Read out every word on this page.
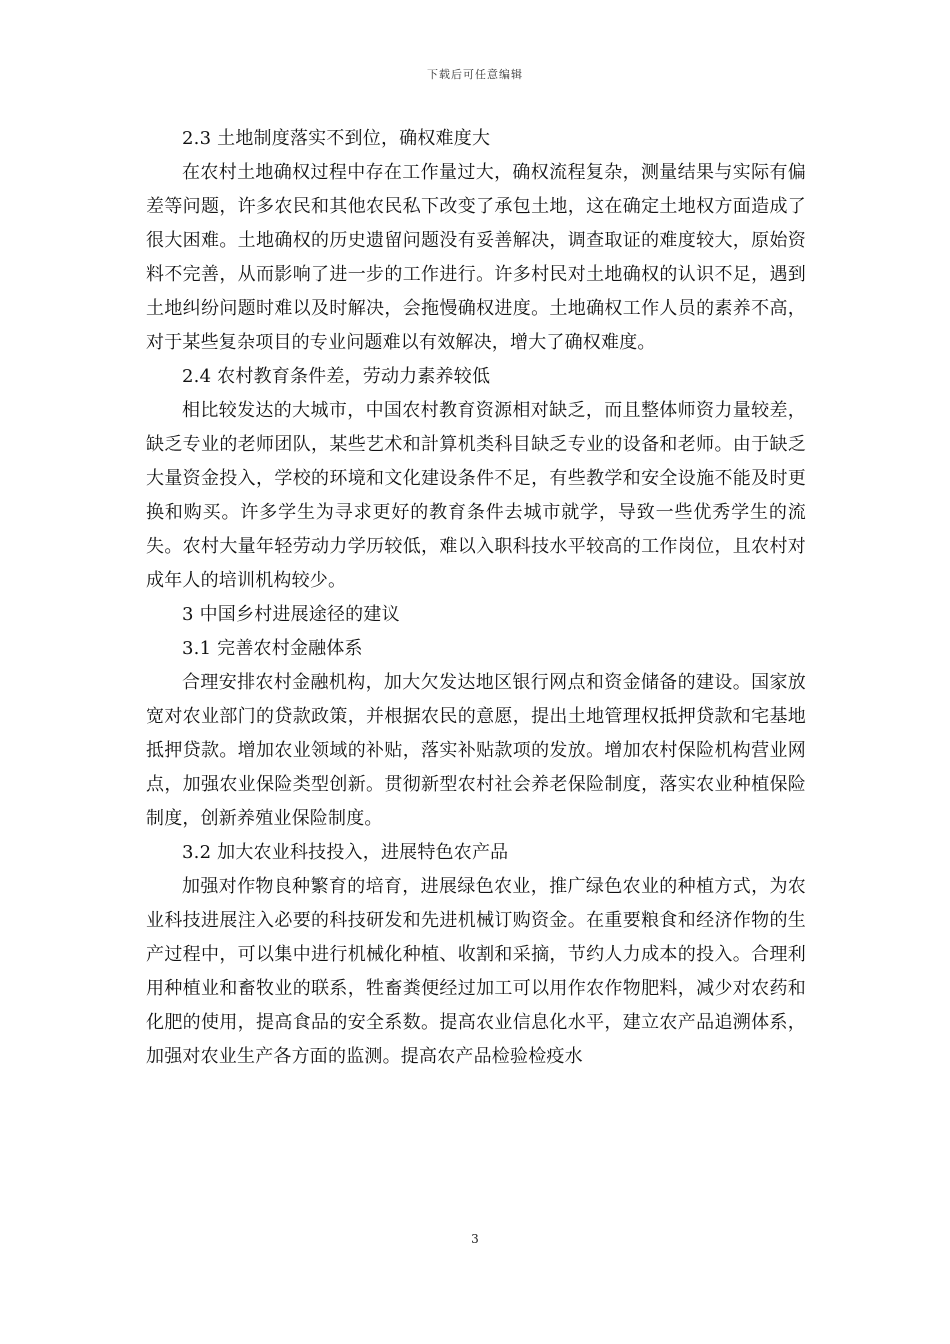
下载后可任意编辑

2.3 土地制度落实不到位，确权难度大

在农村土地确权过程中存在工作量过大，确权流程复杂，测量结果与实际有偏差等问题，许多农民和其他农民私下改变了承包土地，这在确定土地权方面造成了很大困难。土地确权的历史遗留问题没有妥善解决，调查取证的难度较大，原始资料不完善，从而影响了进一步的工作进行。许多村民对土地确权的认识不足，遇到土地纠纷问题时难以及时解决，会拖慢确权进度。土地确权工作人员的素养不高，对于某些复杂项目的专业问题难以有效解决，增大了确权难度。

2.4 农村教育条件差，劳动力素养较低

相比较发达的大城市，中国农村教育资源相对缺乏，而且整体师资力量较差，缺乏专业的老师团队，某些艺术和計算机类科目缺乏专业的设备和老师。由于缺乏大量资金投入，学校的环境和文化建设条件不足，有些教学和安全设施不能及时更换和购买。许多学生为寻求更好的教育条件去城市就学，导致一些优秀学生的流失。农村大量年轻劳动力学历较低，难以入职科技水平较高的工作岗位，且农村对成年人的培训机构较少。

3 中国乡村进展途径的建议

3.1 完善农村金融体系

合理安排农村金融机构，加大欠发达地区银行网点和资金储备的建设。国家放宽对农业部门的贷款政策，并根据农民的意愿，提出土地管理权抵押贷款和宅基地抵押贷款。增加农业领域的补贴，落实补贴款项的发放。增加农村保险机构营业网点，加强农业保险类型创新。贯彻新型农村社会养老保险制度，落实农业种植保险制度，创新养殖业保险制度。

3.2 加大农业科技投入，进展特色农产品

加强对作物良种繁育的培育，进展绿色农业，推广绿色农业的种植方式，为农业科技进展注入必要的科技研发和先进机械订购资金。在重要粮食和经济作物的生产过程中，可以集中进行机械化种植、收割和采摘，节约人力成本的投入。合理利用种植业和畜牧业的联系，牲畜粪便经过加工可以用作农作物肥料，减少对农药和化肥的使用，提高食品的安全系数。提高农业信息化水平，建立农产品追溯体系，加强对农业生产各方面的监测。提高农产品检验检疫水

3
